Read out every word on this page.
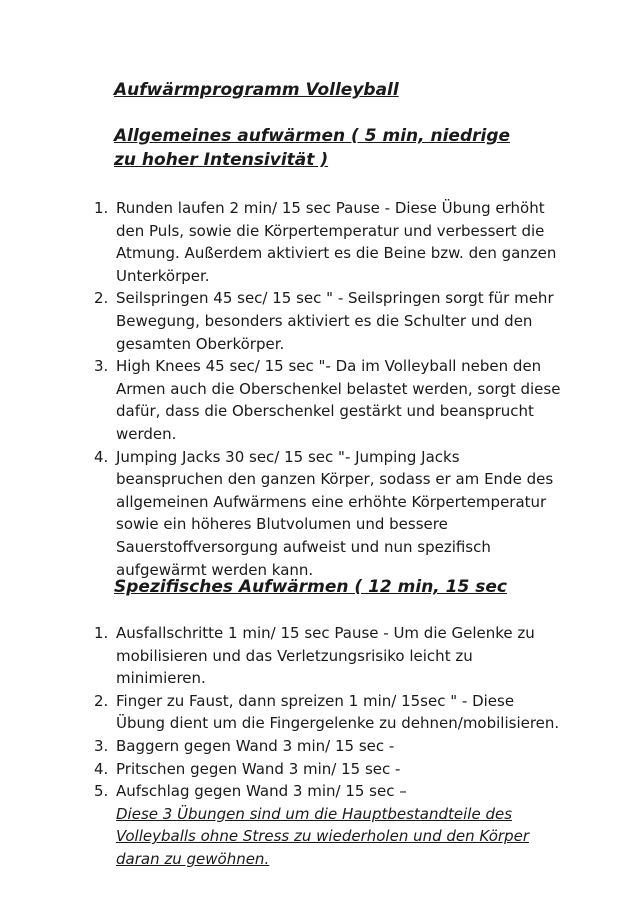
Aufwärmprogramm Volleyball
Allgemeines aufwärmen ( 5 min, niedrige zu hoher Intensivität )
1. Runden laufen 2 min/ 15 sec Pause - Diese Übung erhöht den Puls, sowie die Körpertemperatur und verbessert die Atmung. Außerdem aktiviert es die Beine bzw. den ganzen Unterkörper.
2. Seilspringen 45 sec/ 15 sec " - Seilspringen sorgt für mehr Bewegung, besonders aktiviert es die Schulter und den gesamten Oberkörper.
3. High Knees 45 sec/ 15 sec "- Da im Volleyball neben den Armen auch die Oberschenkel belastet werden, sorgt diese dafür, dass die Oberschenkel gestärkt und beansprucht werden.
4. Jumping Jacks 30 sec/ 15 sec "- Jumping Jacks beanspruchen den ganzen Körper, sodass er am Ende des allgemeinen Aufwärmens eine erhöhte Körpertemperatur sowie ein höheres Blutvolumen und bessere Sauerstoffversorgung aufweist und nun spezifisch aufgewärmt werden kann.
Spezifisches Aufwärmen ( 12 min, 15 sec
1. Ausfallschritte 1 min/ 15 sec Pause - Um die Gelenke zu mobilisieren und das Verletzungsrisiko leicht zu minimieren.
2. Finger zu Faust, dann spreizen 1 min/ 15sec " - Diese Übung dient um die Fingergelenke zu dehnen/mobilisieren.
3. Baggern gegen Wand 3 min/ 15 sec -
4. Pritschen gegen Wand 3 min/ 15 sec -
5. Aufschlag gegen Wand 3 min/ 15 sec –
Diese 3 Übungen sind um die Hauptbestandteile des Volleyballs ohne Stress zu wiederholen und den Körper daran zu gewöhnen.
